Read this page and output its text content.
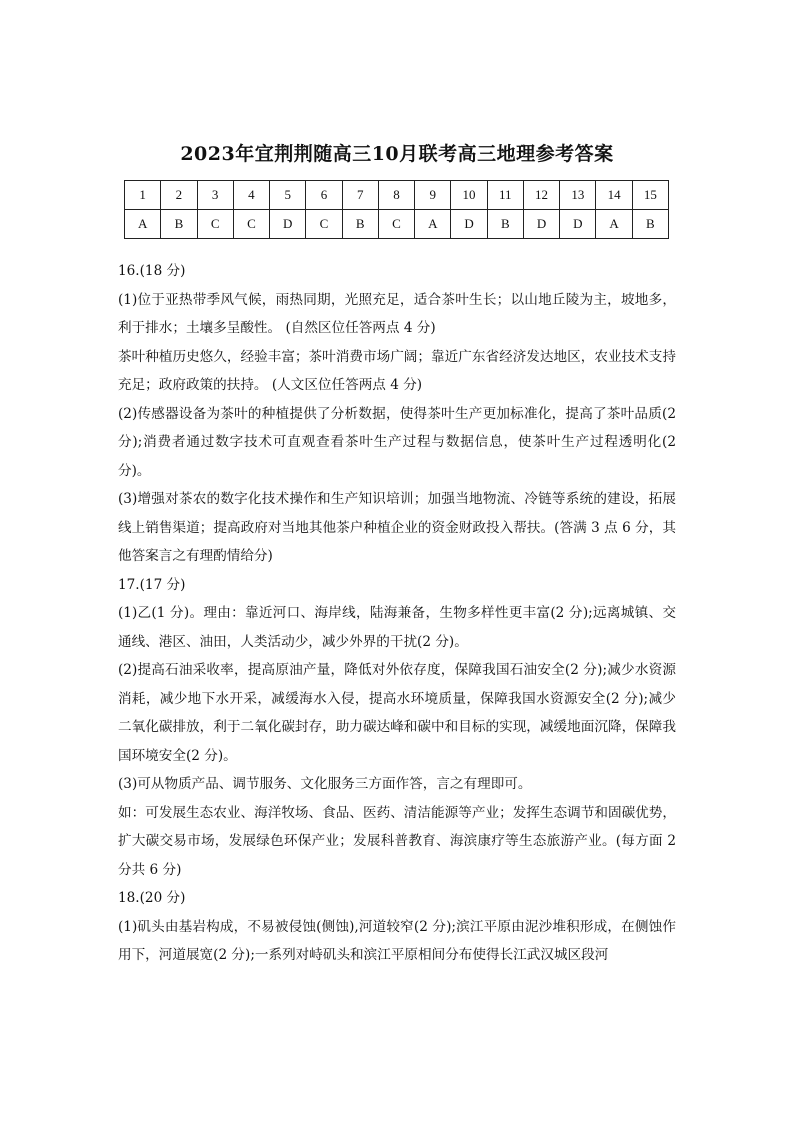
2023年宜荆荆随高三10月联考高三地理参考答案
1	2	3	4	5	6	7	8	9	10	11	12	13	14	15
A	B	C	C	D	C	B	C	A	D	B	D	D	A	B

16.(18 分)

(1)位于亚热带季风气候，雨热同期，光照充足，适合茶叶生长；以山地丘陵为主，坡地多，利于排水；土壤多呈酸性。 (自然区位任答两点 4 分)

茶叶种植历史悠久，经验丰富；茶叶消费市场广阔；靠近广东省经济发达地区，农业技术支持充足；政府政策的扶持。 (人文区位任答两点 4 分)

(2)传感器设备为茶叶的种植提供了分析数据，使得茶叶生产更加标准化，提高了茶叶品质(2 分);消费者通过数字技术可直观查看茶叶生产过程与数据信息，使茶叶生产过程透明化(2 分)。

(3)增强对茶农的数字化技术操作和生产知识培训；加强当地物流、冷链等系统的建设，拓展线上销售渠道；提高政府对当地其他茶户种植企业的资金财政投入帮扶。(答满 3 点 6 分，其他答案言之有理酌情给分)

17.(17 分)

(1)乙(1 分)。理由：靠近河口、海岸线，陆海兼备，生物多样性更丰富(2 分);远离城镇、交通线、港区、油田，人类活动少，减少外界的干扰(2 分)。

(2)提高石油采收率，提高原油产量，降低对外依存度，保障我国石油安全(2 分);减少水资源消耗，减少地下水开采，减缓海水入侵，提高水环境质量，保障我国水资源安全(2 分);减少二氧化碳排放，利于二氧化碳封存，助力碳达峰和碳中和目标的实现，减缓地面沉降，保障我国环境安全(2 分)。

(3)可从物质产品、调节服务、文化服务三方面作答，言之有理即可。

如：可发展生态农业、海洋牧场、食品、医药、清洁能源等产业；发挥生态调节和固碳优势，扩大碳交易市场，发展绿色环保产业；发展科普教育、海滨康疗等生态旅游产业。(每方面 2 分共 6 分)

18.(20 分)

(1)矶头由基岩构成，不易被侵蚀(侧蚀),河道较窄(2 分);滨江平原由泥沙堆积形成，在侧蚀作用下，河道展宽(2 分);一系列对峙矶头和滨江平原相间分布使得长江武汉城区段河
